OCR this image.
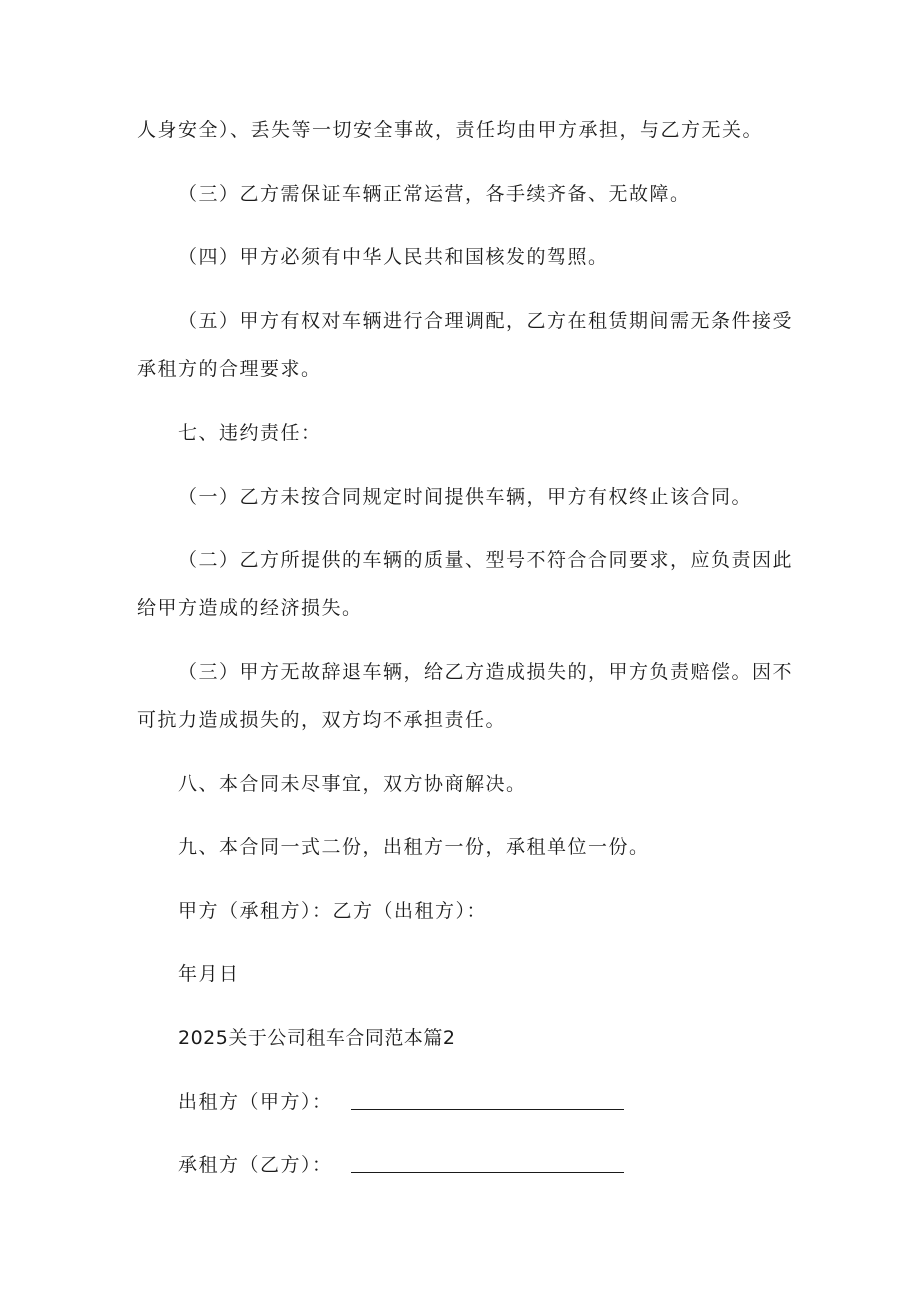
人身安全）、丢失等一切安全事故，责任均由甲方承担，与乙方无关。
（三）乙方需保证车辆正常运营，各手续齐备、无故障。
（四）甲方必须有中华人民共和国核发的驾照。
（五）甲方有权对车辆进行合理调配，乙方在租赁期间需无条件接受
承租方的合理要求。
七、违约责任：
（一）乙方未按合同规定时间提供车辆，甲方有权终止该合同。
（二）乙方所提供的车辆的质量、型号不符合合同要求，应负责因此
给甲方造成的经济损失。
（三）甲方无故辞退车辆，给乙方造成损失的，甲方负责赔偿。因不
可抗力造成损失的，双方均不承担责任。
八、本合同未尽事宜，双方协商解决。
九、本合同一式二份，出租方一份，承租单位一份。
甲方（承租方）：乙方（出租方）：
年月日
2025关于公司租车合同范本篇2
出租方（甲方）：
承租方（乙方）：
